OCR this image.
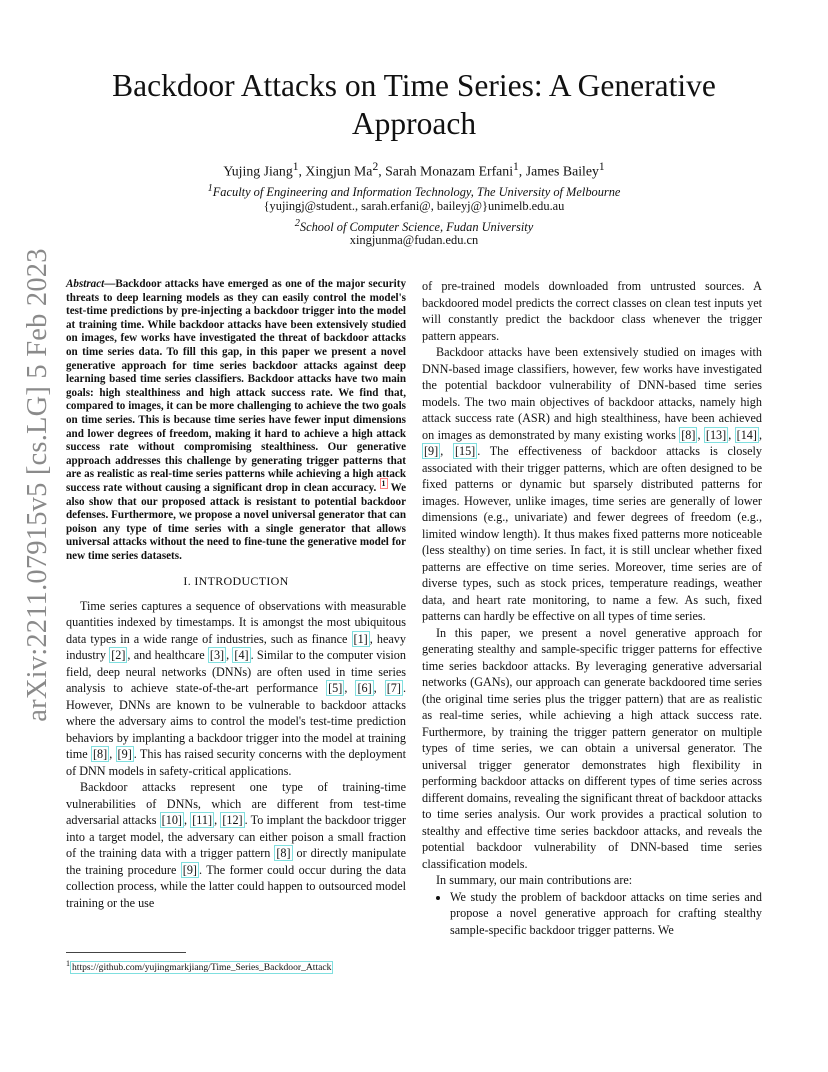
arXiv:2211.07915v5 [cs.LG] 5 Feb 2023
Backdoor Attacks on Time Series: A Generative
Approach
Yujing Jiang$^1$, Xingjun Ma$^2$, Sarah Monazam Erfani$^1$, James Bailey$^1$
$^1$Faculty of Engineering and Information Technology, The University of Melbourne
{yujingj@student., sarah.erfani@, baileyj@}unimelb.edu.au
$^2$School of Computer Science, Fudan University
xingjunma@fudan.edu.cn

Abstract—Backdoor attacks have emerged as one of the major security threats to deep learning models as they can easily control the model's test-time predictions by pre-injecting a backdoor trigger into the model at training time. While backdoor attacks have been extensively studied on images, few works have investigated the threat of backdoor attacks on time series data. To fill this gap, in this paper we present a novel generative approach for time series backdoor attacks against deep learning based time series classifiers. Backdoor attacks have two main goals: high stealthiness and high attack success rate. We find that, compared to images, it can be more challenging to achieve the two goals on time series. This is because time series have fewer input dimensions and lower degrees of freedom, making it hard to achieve a high attack success rate without compromising stealthiness. Our generative approach addresses this challenge by generating trigger patterns that are as realistic as real-time series patterns while achieving a high attack success rate without causing a significant drop in clean accuracy. $^1$ We also show that our proposed attack is resistant to potential backdoor defenses. Furthermore, we propose a novel universal generator that can poison any type of time series with a single generator that allows universal attacks without the need to fine-tune the generative model for new time series datasets.

I. INTRODUCTION

Time series captures a sequence of observations with measurable quantities indexed by timestamps. It is amongst the most ubiquitous data types in a wide range of industries, such as finance [1] , heavy industry [2] , and healthcare [3] , [4] . Similar to the computer vision field, deep neural networks (DNNs) are often used in time series analysis to achieve state-of-the-art performance [5] , [6] , [7] . However, DNNs are known to be vulnerable to backdoor attacks where the adversary aims to control the model's test-time prediction behaviors by implanting a backdoor trigger into the model at training time [8] , [9] . This has raised security concerns with the deployment of DNN models in safety-critical applications.

Backdoor attacks represent one type of training-time vulnerabilities of DNNs, which are different from test-time adversarial attacks [10] , [11] , [12] . To implant the backdoor trigger into a target model, the adversary can either poison a small fraction of the training data with a trigger pattern [8] or directly manipulate the training procedure [9] . The former could occur during the data collection process, while the latter could happen to outsourced model training or the use

of pre-trained models downloaded from untrusted sources. A backdoored model predicts the correct classes on clean test inputs yet will constantly predict the backdoor class whenever the trigger pattern appears.

Backdoor attacks have been extensively studied on images with DNN-based image classifiers, however, few works have investigated the potential backdoor vulnerability of DNN-based time series models. The two main objectives of backdoor attacks, namely high attack success rate (ASR) and high stealthiness, have been achieved on images as demonstrated by many existing works [8] , [13] , [14] , [9] , [15] . The effectiveness of backdoor attacks is closely associated with their trigger patterns, which are often designed to be fixed patterns or dynamic but sparsely distributed patterns for images. However, unlike images, time series are generally of lower dimensions (e.g., univariate) and fewer degrees of freedom (e.g., limited window length). It thus makes fixed patterns more noticeable (less stealthy) on time series. In fact, it is still unclear whether fixed patterns are effective on time series. Moreover, time series are of diverse types, such as stock prices, temperature readings, weather data, and heart rate monitoring, to name a few. As such, fixed patterns can hardly be effective on all types of time series.

In this paper, we present a novel generative approach for generating stealthy and sample-specific trigger patterns for effective time series backdoor attacks. By leveraging generative adversarial networks (GANs), our approach can generate backdoored time series (the original time series plus the trigger pattern) that are as realistic as real-time series, while achieving a high attack success rate. Furthermore, by training the trigger pattern generator on multiple types of time series, we can obtain a universal generator. The universal trigger generator demonstrates high flexibility in performing backdoor attacks on different types of time series across different domains, revealing the significant threat of backdoor attacks to time series analysis. Our work provides a practical solution to stealthy and effective time series backdoor attacks, and reveals the potential backdoor vulnerability of DNN-based time series classification models.

In summary, our main contributions are:

• We study the problem of backdoor attacks on time series and propose a novel generative approach for crafting stealthy sample-specific backdoor trigger patterns. We
$^1$ https://github.com/yujingmarkjiang/Time_Series_Backdoor_Attack
